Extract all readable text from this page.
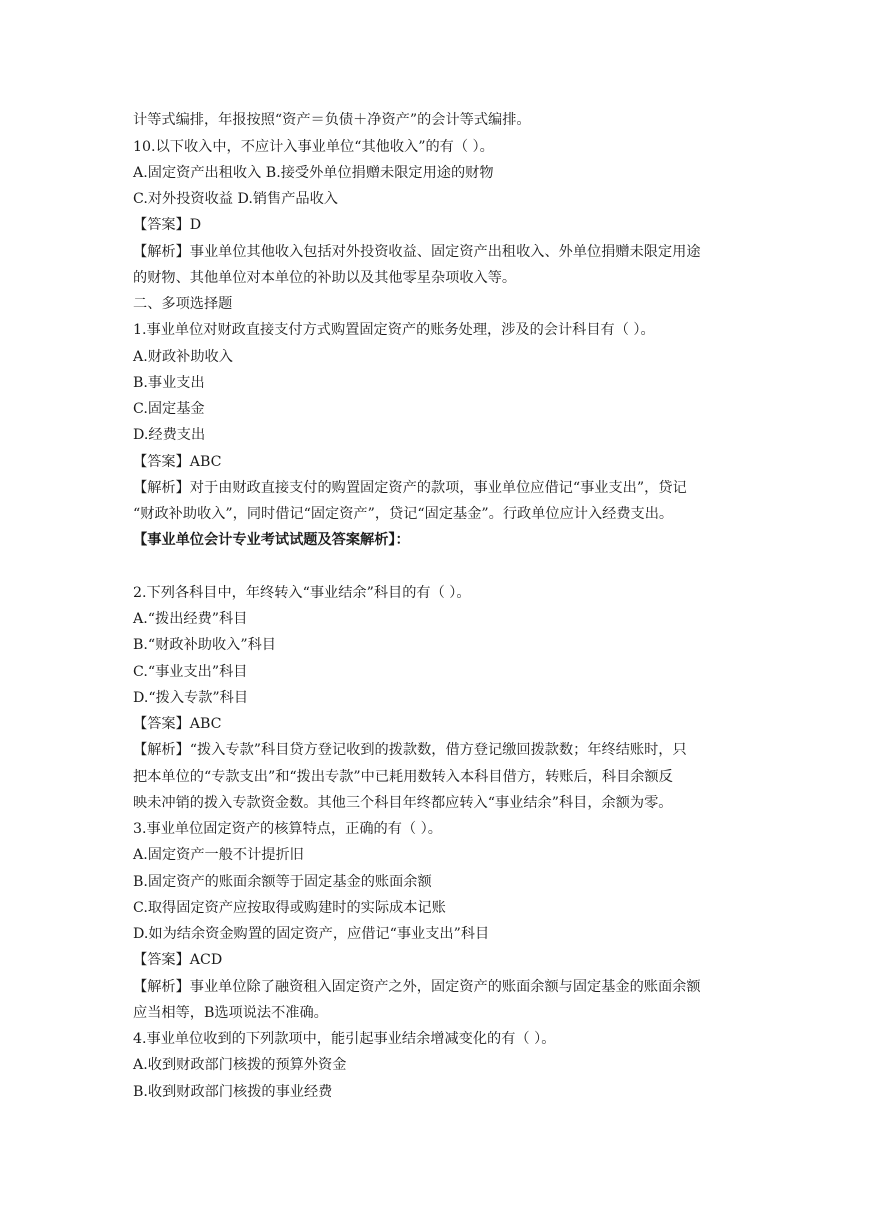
计等式编排，年报按照“资产＝负债＋净资产”的会计等式编排。
10.以下收入中，不应计入事业单位“其他收入”的有（ ）。
A.固定资产出租收入 B.接受外单位捐赠未限定用途的财物
C.对外投资收益 D.销售产品收入
【答案】D
【解析】事业单位其他收入包括对外投资收益、固定资产出租收入、外单位捐赠未限定用途
的财物、其他单位对本单位的补助以及其他零星杂项收入等。
二、多项选择题
1.事业单位对财政直接支付方式购置固定资产的账务处理，涉及的会计科目有（ ）。
A.财政补助收入
B.事业支出
C.固定基金
D.经费支出
【答案】ABC
【解析】对于由财政直接支付的购置固定资产的款项，事业单位应借记“事业支出”，贷记
“财政补助收入”，同时借记“固定资产”，贷记“固定基金”。行政单位应计入经费支出。
【事业单位会计专业考试试题及答案解析】：
2.下列各科目中，年终转入“事业结余”科目的有（ ）。
A.“拨出经费”科目
B.“财政补助收入”科目
C.“事业支出”科目
D.“拨入专款”科目
【答案】ABC
【解析】“拨入专款”科目贷方登记收到的拨款数，借方登记缴回拨款数；年终结账时，只
把本单位的“专款支出”和“拨出专款”中已耗用数转入本科目借方，转账后，科目余额反
映未冲销的拨入专款资金数。其他三个科目年终都应转入“事业结余”科目，余额为零。
3.事业单位固定资产的核算特点，正确的有（ ）。
A.固定资产一般不计提折旧
B.固定资产的账面余额等于固定基金的账面余额
C.取得固定资产应按取得或购建时的实际成本记账
D.如为结余资金购置的固定资产，应借记“事业支出”科目
【答案】ACD
【解析】事业单位除了融资租入固定资产之外，固定资产的账面余额与固定基金的账面余额
应当相等，B选项说法不准确。
4.事业单位收到的下列款项中，能引起事业结余增减变化的有（ ）。
A.收到财政部门核拨的预算外资金
B.收到财政部门核拨的事业经费
